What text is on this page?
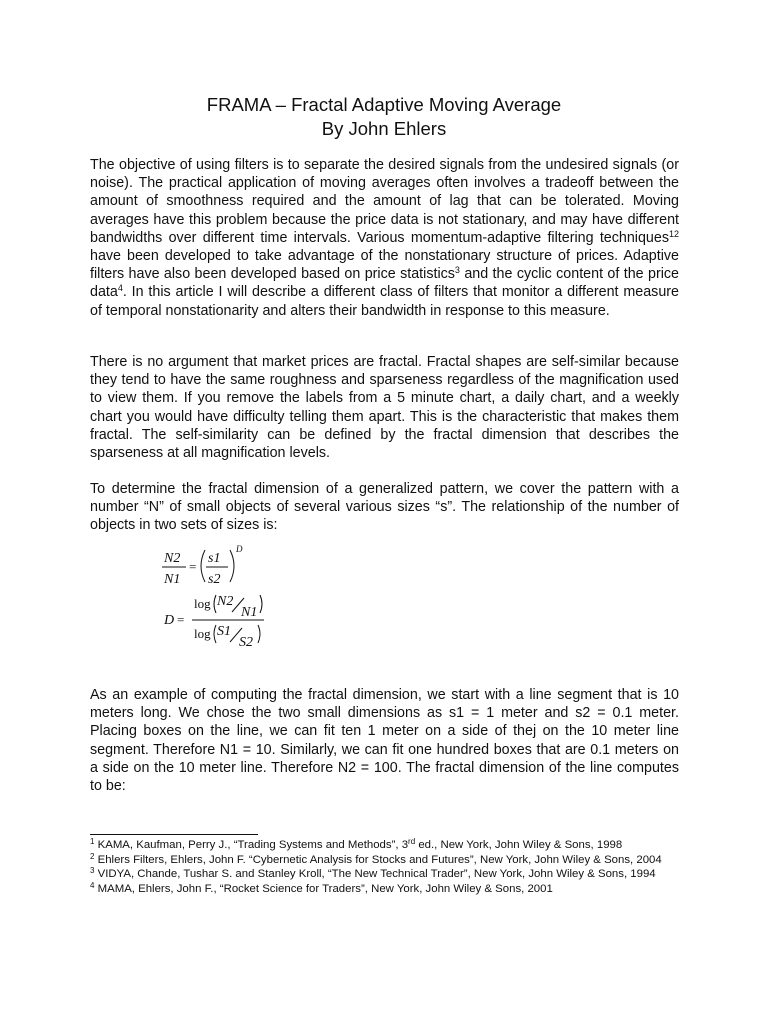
FRAMA – Fractal Adaptive Moving Average
By John Ehlers

The objective of using filters is to separate the desired signals from the undesired signals (or noise). The practical application of moving averages often involves a tradeoff between the amount of smoothness required and the amount of lag that can be tolerated. Moving averages have this problem because the price data is not stationary, and may have different bandwidths over different time intervals. Various momentum-adaptive filtering techniques$^{12}$ have been developed to take advantage of the nonstationary structure of prices. Adaptive filters have also been developed based on price statistics$^3$ and the cyclic content of the price data$^4$. In this article I will describe a different class of filters that monitor a different measure of temporal nonstationarity and alters their bandwidth in response to this measure.

There is no argument that market prices are fractal. Fractal shapes are self-similar because they tend to have the same roughness and sparseness regardless of the magnification used to view them. If you remove the labels from a 5 minute chart, a daily chart, and a weekly chart you would have difficulty telling them apart. This is the characteristic that makes them fractal. The self-similarity can be defined by the fractal dimension that describes the sparseness at all magnification levels.

To determine the fractal dimension of a generalized pattern, we cover the pattern with a number “N” of small objects of several various sizes “s”. The relationship of the number of objects in two sets of sizes is:

N2
N1
=
s1
s2
D
D =
log N2
N1
log S1
S2

As an example of computing the fractal dimension, we start with a line segment that is 10 meters long. We chose the two small dimensions as s1 = 1 meter and s2 = 0.1 meter. Placing boxes on the line, we can fit ten 1 meter on a side of thej on the 10 meter line segment. Therefore N1 = 10. Similarly, we can fit one hundred boxes that are 0.1 meters on a side on the 10 meter line. Therefore N2 = 100. The fractal dimension of the line computes to be:

$^1$ KAMA, Kaufman, Perry J., “Trading Systems and Methods”, 3rd ed., New York, John Wiley & Sons, 1998

$^2$ Ehlers Filters, Ehlers, John F. “Cybernetic Analysis for Stocks and Futures”, New York, John Wiley & Sons, 2004

$^3$ VIDYA, Chande, Tushar S. and Stanley Kroll, “The New Technical Trader”, New York, John Wiley & Sons, 1994

$^4$ MAMA, Ehlers, John F., “Rocket Science for Traders”, New York, John Wiley & Sons, 2001
